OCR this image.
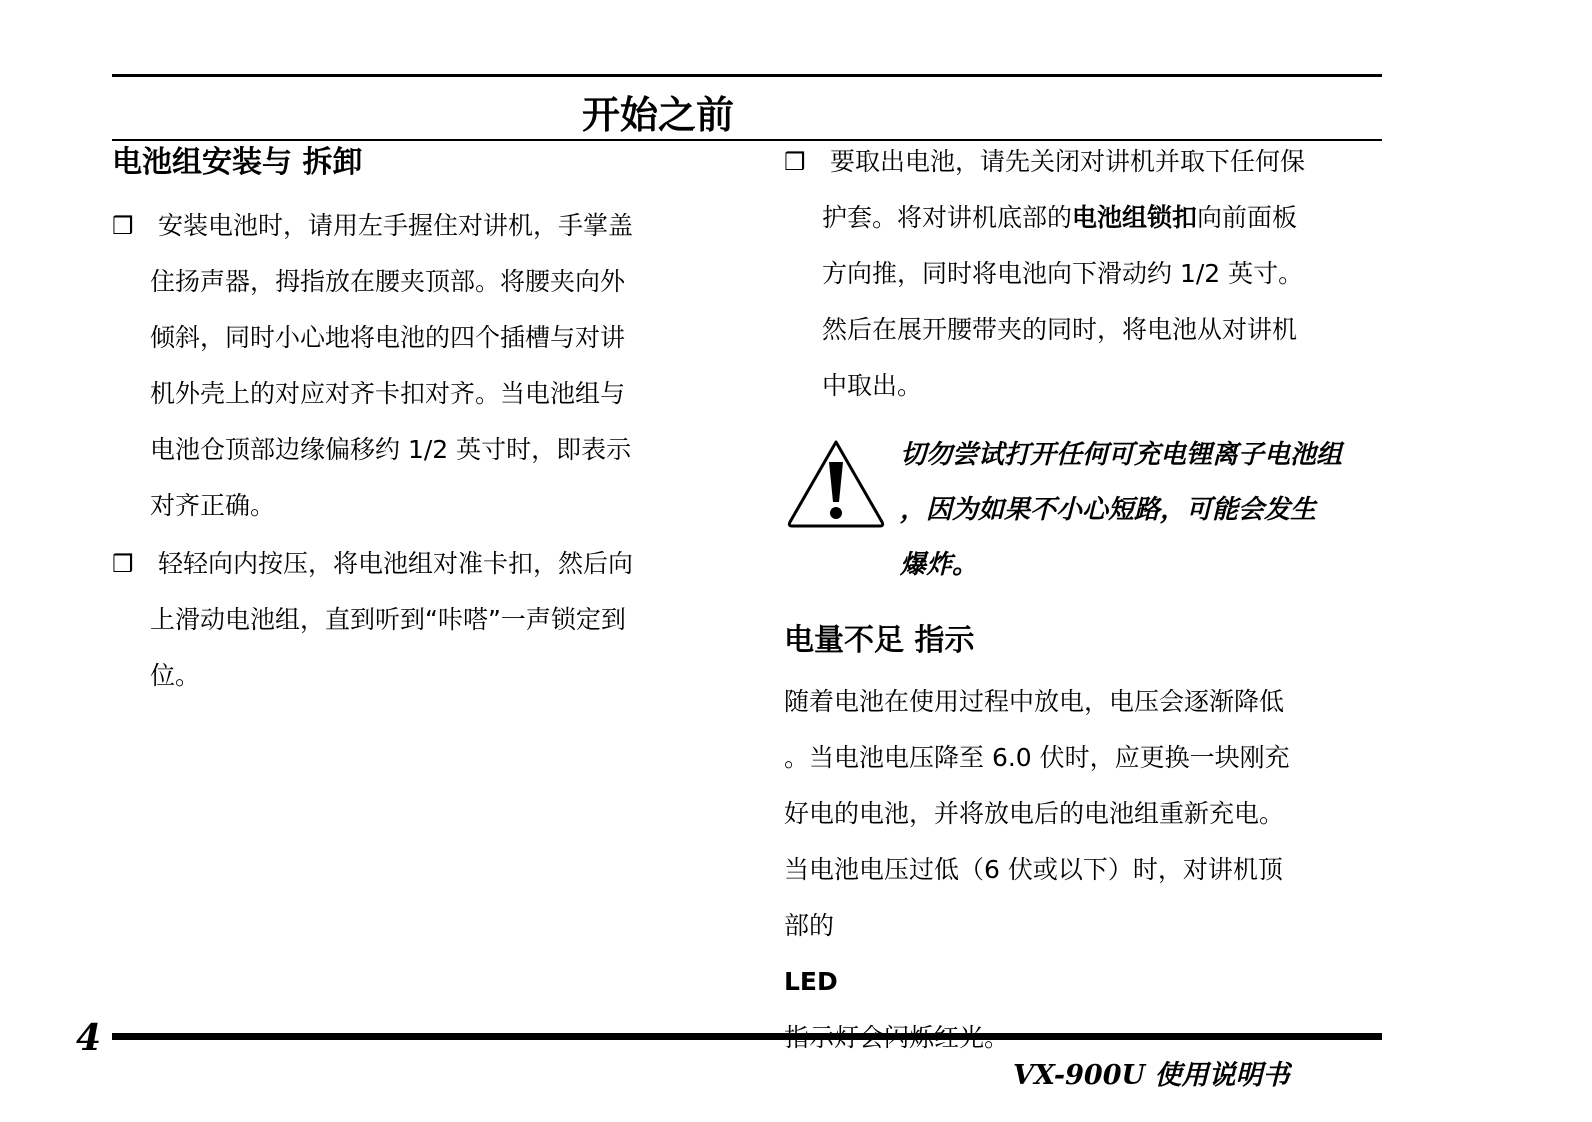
开始之前
电池组安装与 拆卸
❒ 安装电池时，请用左手握住对讲机，手掌盖
住扬声器，拇指放在腰夹顶部。将腰夹向外
倾斜，同时小心地将电池的四个插槽与对讲
机外壳上的对应对齐卡扣对齐。当电池组与
电池仓顶部边缘偏移约 1/2 英寸时，即表示
对齐正确。
❒ 轻轻向内按压，将电池组对准卡扣，然后向
上滑动电池组，直到听到“咔嗒”一声锁定到
位。
❒ 要取出电池，请先关闭对讲机并取下任何保
护套。将对讲机底部的电池组锁扣向前面板
方向推，同时将电池向下滑动约 1/2 英寸。
然后在展开腰带夹的同时，将电池从对讲机
中取出。
切勿尝试打开任何可充电锂离子电池组
，因为如果不小心短路，可能会发生
爆炸。
电量不足 指示
随着电池在使用过程中放电，电压会逐渐降低
。当电池电压降至 6.0 伏时，应更换一块刚充
好电的电池，并将放电后的电池组重新充电。
当电池电压过低（6 伏或以下）时，对讲机顶
部的
LED
4
VX-900U 使用说明书
